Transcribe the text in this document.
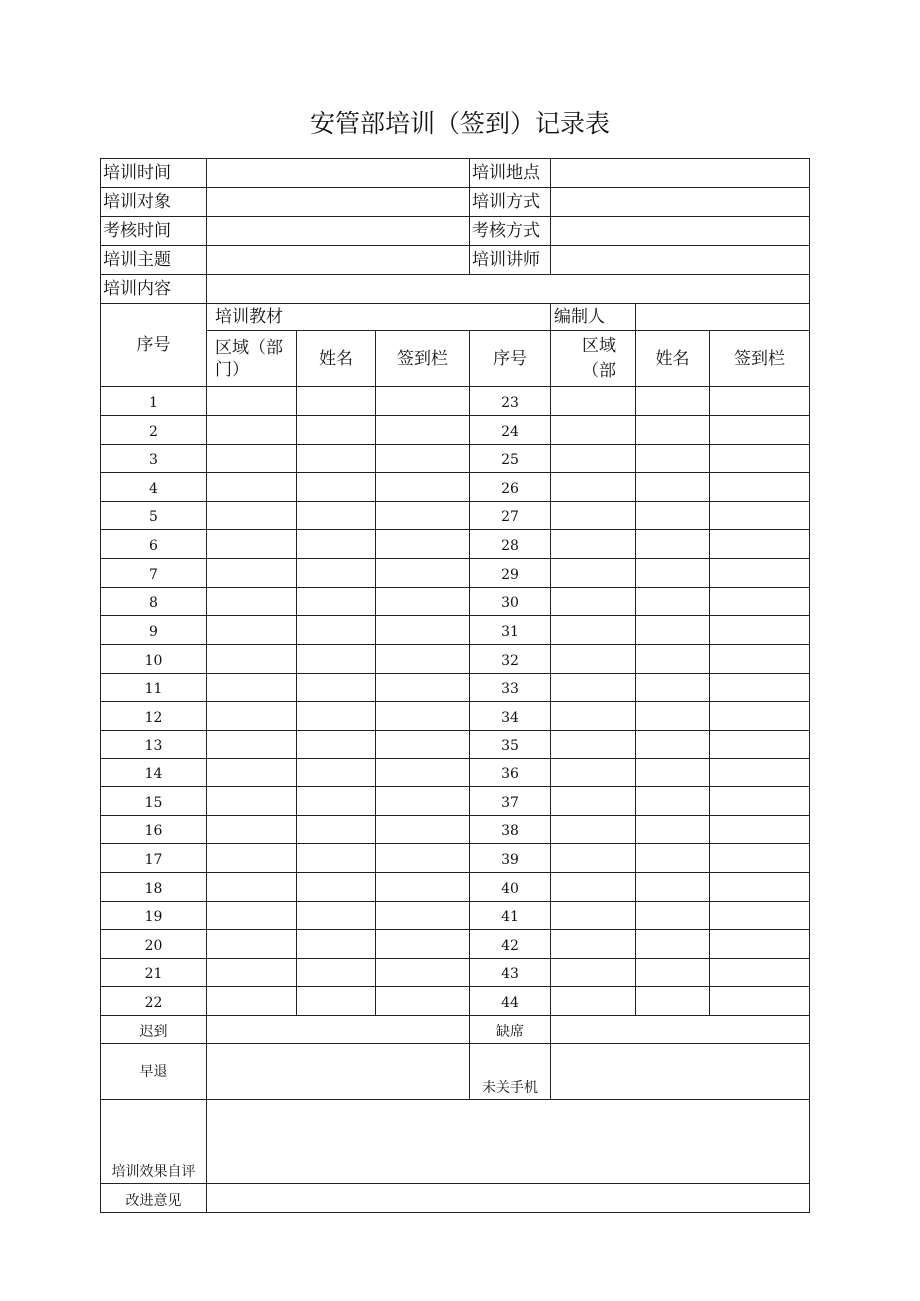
安管部培训（签到）记录表
培训时间				培训地点			
培训对象				培训方式			
考核时间				考核方式			
培训主题				培训讲师			
培训内容							
序号	培训教材				编制人		
	区域（部门）	姓名	签到栏	序号	区域（部	姓名	签到栏
1				23			
2				24			
3				25			
4				26			
5				27			
6				28			
7				29			
8				30			
9				31			
10				32			
11				33			
12				34			
13				35			
14				36			
15				37			
16				38			
17				39			
18				40			
19				41			
20				42			
21				43			
22				44			
迟到				缺席			
早退				未关手机			
培训效果自评							
改进意见							
